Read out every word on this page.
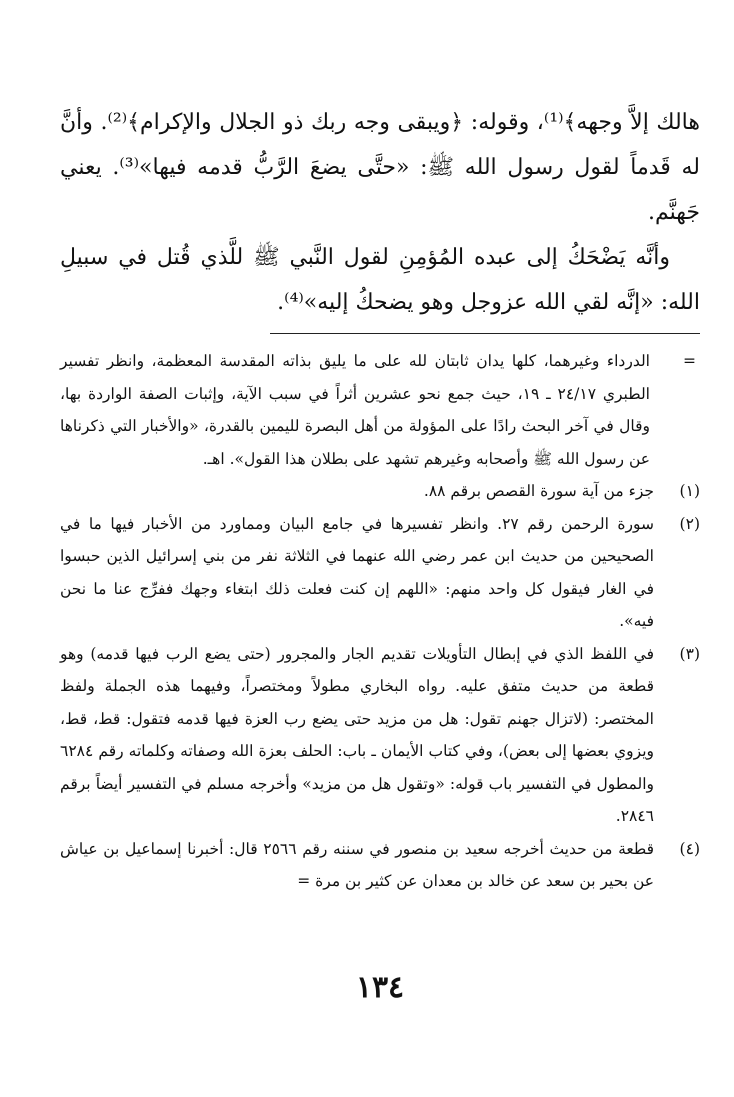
هالك إلاَّ وجهه﴾⁽¹⁾، وقوله: ﴿ويبقى وجه ربك ذو الجلال والإكرام﴾⁽²⁾. وأنَّ له قَدماً لقول رسول الله ﷺ: «حتَّى يضعَ الرَّبُّ قدمه فيها»⁽³⁾. يعني جَهنَّم.

وأنَّه يَضْحَكُ إلى عبده المُؤمِنِ لقول النَّبي ﷺ للَّذي قُتل في سبيلِ الله: «إنَّه لقي الله عزوجل وهو يضحكُ إليه»⁽⁴⁾.

=
الدرداء وغيرهما، كلها يدان ثابتان لله على ما يليق بذاته المقدسة المعظمة، وانظر تفسير الطبري ٢٤/١٧ ـ ١٩، حيث جمع نحو عشرين أثراً في سبب الآية، وإثبات الصفة الواردة بها، وقال في آخر البحث رادًا على المؤولة من أهل البصرة لليمين بالقدرة، «والأخبار التي ذكرناها عن رسول الله ﷺ وأصحابه وغيرهم تشهد على بطلان هذا القول». اهـ.
(١)
جزء من آية سورة القصص برقم ٨٨.
(٢)
سورة الرحمن رقم ٢٧. وانظر تفسيرها في جامع البيان ومماورد من الأخبار فيها ما في الصحيحين من حديث ابن عمر رضي الله عنهما في الثلاثة نفر من بني إسرائيل الذين حبسوا في الغار فيقول كل واحد منهم: «اللهم إن كنت فعلت ذلك ابتغاء وجهك ففرِّج عنا ما نحن فيه».
(٣)
في اللفظ الذي في إبطال التأويلات تقديم الجار والمجرور (حتى يضع الرب فيها قدمه) وهو قطعة من حديث متفق عليه. رواه البخاري مطولاً ومختصراً، وفيهما هذه الجملة ولفظ المختصر: (لاتزال جهنم تقول: هل من مزيد حتى يضع رب العزة فيها قدمه فتقول: قط، قط، ويزوي بعضها إلى بعض)، وفي كتاب الأيمان ـ باب: الحلف بعزة الله وصفاته وكلماته رقم ٦٢٨٤ والمطول في التفسير باب قوله: «وتقول هل من مزيد» وأخرجه مسلم في التفسير أيضاً برقم ٢٨٤٦.
(٤)
قطعة من حديث أخرجه سعيد بن منصور في سننه رقم ٢٥٦٦ قال: أخبرنا إسماعيل بن عياش عن بحير بن سعد عن خالد بن معدان عن كثير بن مرة =
١٣٤
